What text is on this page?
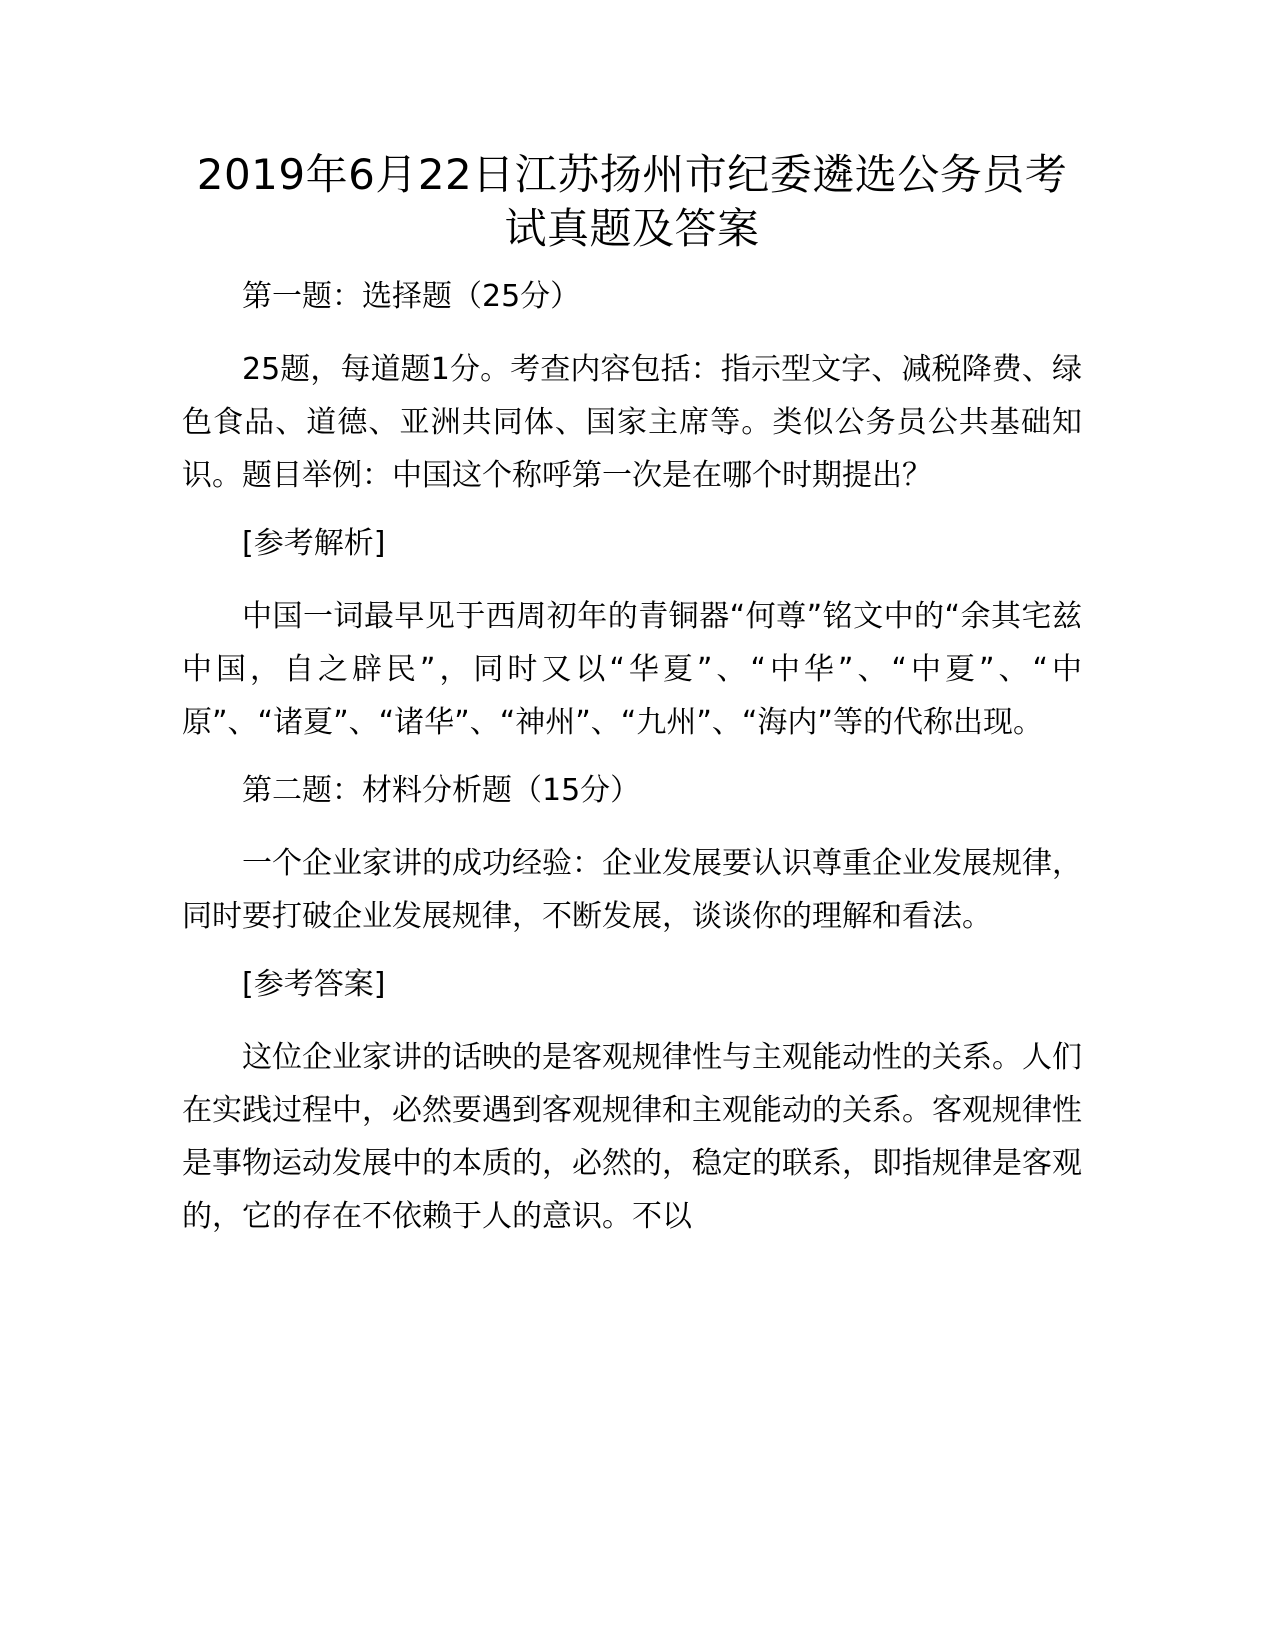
2019年6月22日江苏扬州市纪委遴选公务员考试真题及答案

第一题：选择题（25分）

25题，每道题1分。考查内容包括：指示型文字、减税降费、绿色食品、道德、亚洲共同体、国家主席等。类似公务员公共基础知识。题目举例：中国这个称呼第一次是在哪个时期提出？

[参考解析]

中国一词最早见于西周初年的青铜器“何尊”铭文中的“余其宅兹中国，自之辟民”，同时又以“华夏”、“中华”、“中夏”、“中原”、“诸夏”、“诸华”、“神州”、“九州”、“海内”等的代称出现。

第二题：材料分析题（15分）

一个企业家讲的成功经验：企业发展要认识尊重企业发展规律，同时要打破企业发展规律，不断发展，谈谈你的理解和看法。

[参考答案]

这位企业家讲的话映的是客观规律性与主观能动性的关系。人们在实践过程中，必然要遇到客观规律和主观能动的关系。客观规律性是事物运动发展中的本质的，必然的，稳定的联系，即指规律是客观的，它的存在不依赖于人的意识。不以
